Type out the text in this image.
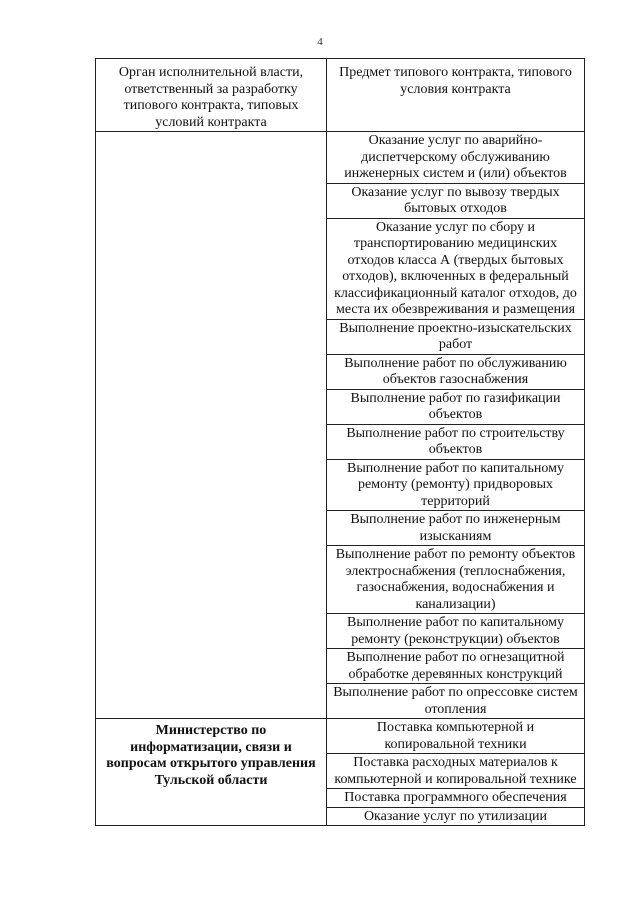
4
Орган исполнительной власти, ответственный за разработку типового контракта, типовых условий контракта	Предмет типового контракта, типового условия контракта
	Оказание услуг по аварийно-диспетчерскому обслуживанию инженерных систем и (или) объектов
	Оказание услуг по вывозу твердых бытовых отходов
	Оказание услуг по сбору и транспортированию медицинских отходов класса А (твердых бытовых отходов), включенных в федеральный классификационный каталог отходов, до места их обезвреживания и размещения
	Выполнение проектно-изыскательских работ
	Выполнение работ по обслуживанию объектов газоснабжения
	Выполнение работ по газификации объектов
	Выполнение работ по строительству объектов
	Выполнение работ по капитальному ремонту (ремонту) придворовых территорий
	Выполнение работ по инженерным изысканиям
	Выполнение работ по ремонту объектов электроснабжения (теплоснабжения, газоснабжения, водоснабжения и канализации)
	Выполнение работ по капитальному ремонту (реконструкции) объектов
	Выполнение работ по огнезащитной обработке деревянных конструкций
	Выполнение работ по опрессовке систем отопления
Министерство по информатизации, связи и вопросам открытого управления Тульской области	Поставка компьютерной и копировальной техники
	Поставка расходных материалов к компьютерной и копировальной технике
	Поставка программного обеспечения
	Оказание услуг по утилизации
